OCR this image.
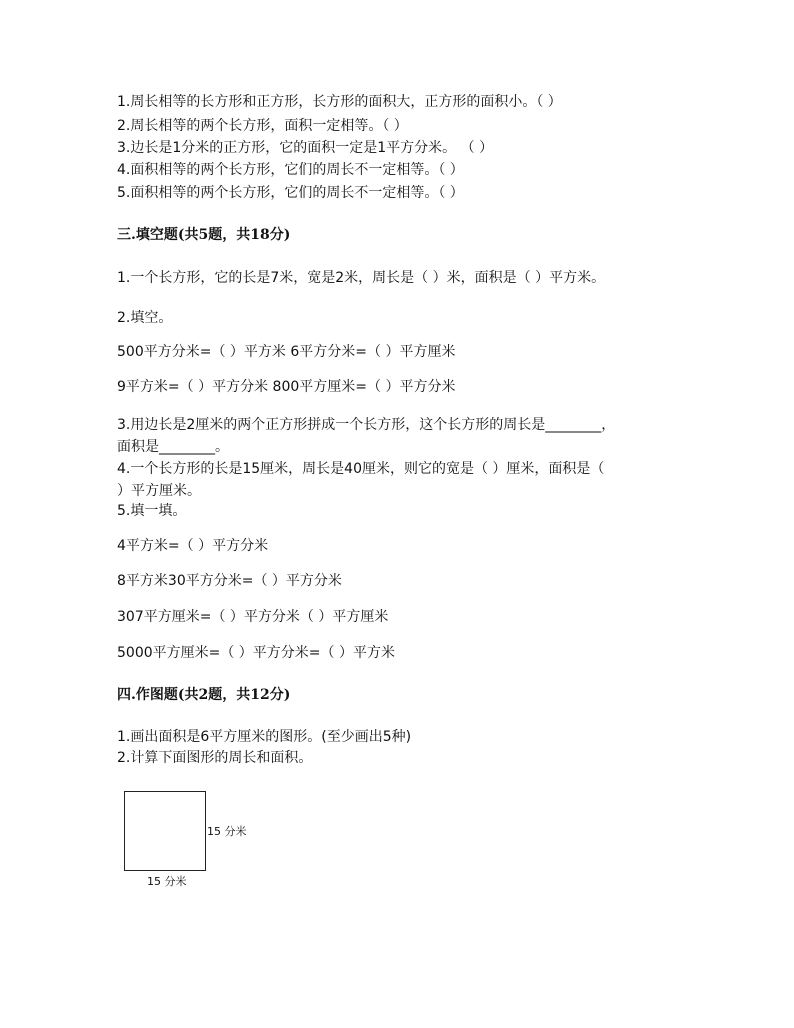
1.周长相等的长方形和正方形，长方形的面积大，正方形的面积小。（ ）
2.周长相等的两个长方形，面积一定相等。（ ）
3.边长是1分米的正方形，它的面积一定是1平方分米。 （ ）
4.面积相等的两个长方形，它们的周长不一定相等。（ ）
5.面积相等的两个长方形，它们的周长不一定相等。（ ）
三.填空题(共5题，共18分)
1.一个长方形，它的长是7米，宽是2米，周长是（ ）米，面积是（ ）平方米。
2.填空。
500平方分米=（ ）平方米 6平方分米=（ ）平方厘米
9平方米=（ ）平方分米 800平方厘米=（ ）平方分米
3.用边长是2厘米的两个正方形拼成一个长方形，这个长方形的周长是________，
面积是________。
4.一个长方形的长是15厘米，周长是40厘米，则它的宽是（ ）厘米，面积是（
）平方厘米。
5.填一填。
4平方米=（ ）平方分米
8平方米30平方分米=（ ）平方分米
307平方厘米=（ ）平方分米（ ）平方厘米
5000平方厘米=（ ）平方分米=（ ）平方米
四.作图题(共2题，共12分)
1.画出面积是6平方厘米的图形。(至少画出5种)
2.计算下面图形的周长和面积。
15 分米
15 分米
